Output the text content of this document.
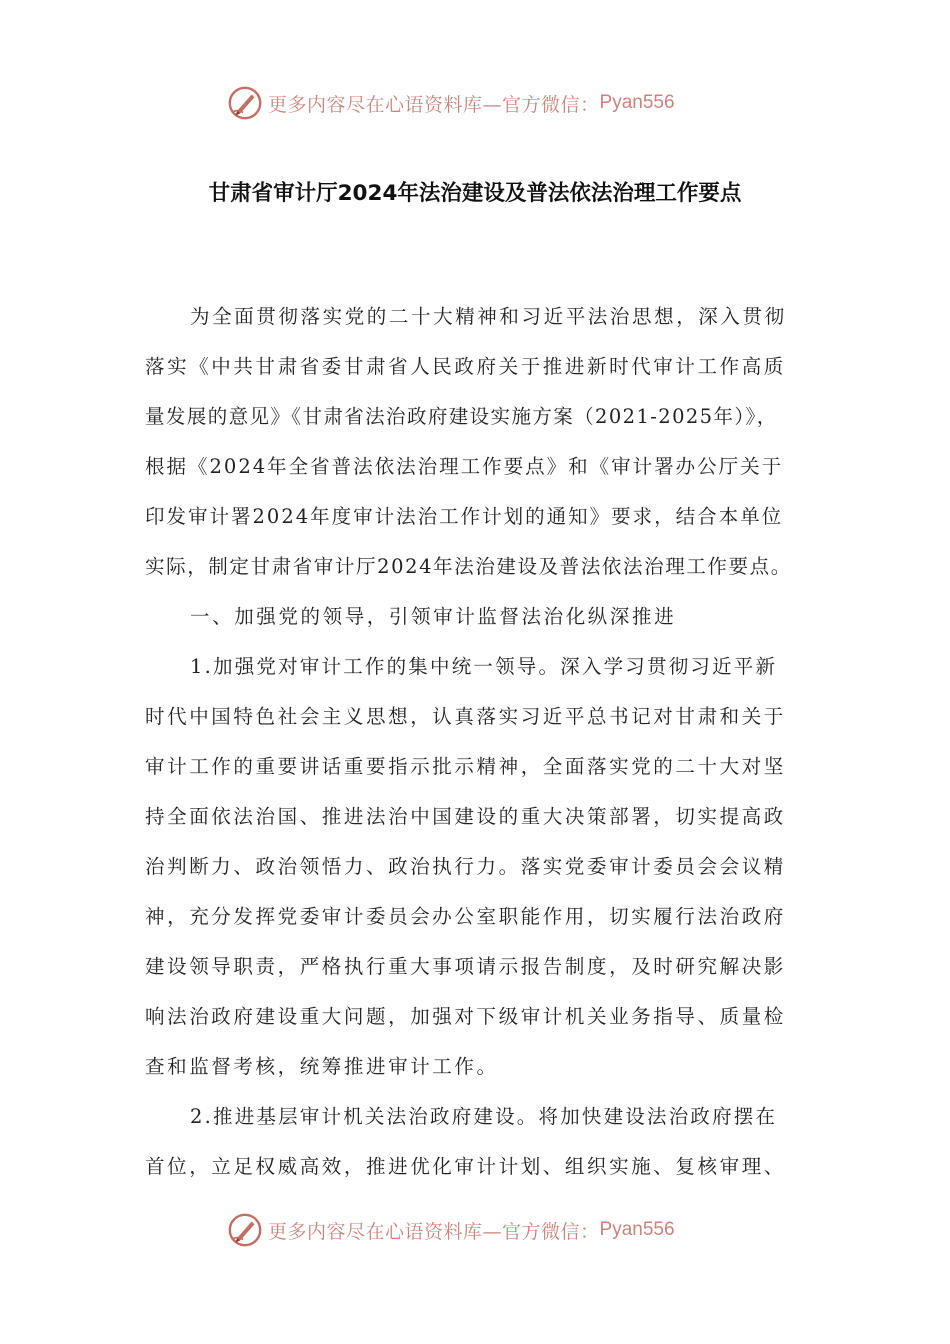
更多内容尽在心语资料库—官方微信： Pyan556
甘肃省审计厅2024年法治建设及普法依法治理工作要点
为全面贯彻落实党的二十大精神和习近平法治思想，深入贯彻
落实《中共甘肃省委甘肃省人民政府关于推进新时代审计工作高质
量发展的意见》《甘肃省法治政府建设实施方案（2021-2025年）》，
根据《2024年全省普法依法治理工作要点》和《审计署办公厅关于
印发审计署2024年度审计法治工作计划的通知》要求，结合本单位
实际，制定甘肃省审计厅2024年法治建设及普法依法治理工作要点。
一、加强党的领导，引领审计监督法治化纵深推进
1.加强党对审计工作的集中统一领导。深入学习贯彻习近平新
时代中国特色社会主义思想，认真落实习近平总书记对甘肃和关于
审计工作的重要讲话重要指示批示精神，全面落实党的二十大对坚
持全面依法治国、推进法治中国建设的重大决策部署，切实提高政
治判断力、政治领悟力、政治执行力。落实党委审计委员会会议精
神，充分发挥党委审计委员会办公室职能作用，切实履行法治政府
建设领导职责，严格执行重大事项请示报告制度，及时研究解决影
响法治政府建设重大问题，加强对下级审计机关业务指导、质量检
查和监督考核，统筹推进审计工作。
2.推进基层审计机关法治政府建设。将加快建设法治政府摆在
首位，立足权威高效，推进优化审计计划、组织实施、复核审理、
更多内容尽在心语资料库—官方微信： Pyan556
